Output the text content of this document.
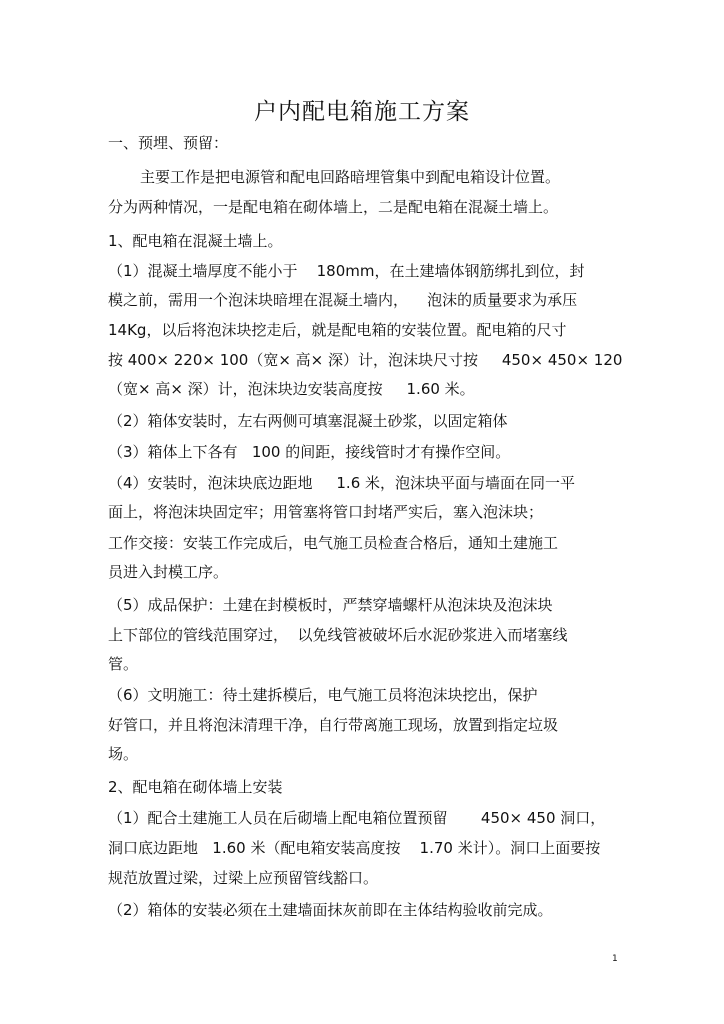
户内配电箱施工方案
一、预埋、预留：
主要工作是把电源管和配电回路暗埋管集中到配电箱设计位置。
分为两种情况，一是配电箱在砌体墙上，二是配电箱在混凝土墙上。
1、配电箱在混凝土墙上。
（1）混凝土墙厚度不能小于    180mm，在土建墙体钢筋绑扎到位，封
模之前，需用一个泡沫块暗埋在混凝土墙内，    泡沫的质量要求为承压
14Kg，以后将泡沫块挖走后，就是配电箱的安装位置。配电箱的尺寸
按 400× 220× 100（宽× 高× 深）计，泡沫块尺寸按     450× 450× 120
（宽× 高× 深）计，泡沫块边安装高度按     1.60 米。
（2）箱体安装时，左右两侧可填塞混凝土砂浆，以固定箱体
（3）箱体上下各有   100 的间距，接线管时才有操作空间。
（4）安装时，泡沫块底边距地     1.6 米，泡沫块平面与墙面在同一平
面上，将泡沫块固定牢；用管塞将管口封堵严实后，塞入泡沫块；
工作交接：安装工作完成后，电气施工员检查合格后，通知土建施工
员进入封模工序。
（5）成品保护：土建在封模板时，严禁穿墙螺杆从泡沫块及泡沫块
上下部位的管线范围穿过，  以免线管被破坏后水泥砂浆进入而堵塞线
管。
（6）文明施工：待土建拆模后，电气施工员将泡沫块挖出，保护
好管口，并且将泡沫清理干净，自行带离施工现场，放置到指定垃圾
场。
2、配电箱在砌体墙上安装
（1）配合土建施工人员在后砌墙上配电箱位置预留       450× 450 洞口，
洞口底边距地   1.60 米（配电箱安装高度按    1.70 米计）。洞口上面要按
规范放置过梁，过梁上应预留管线豁口。
（2）箱体的安装必须在土建墙面抹灰前即在主体结构验收前完成。
1
